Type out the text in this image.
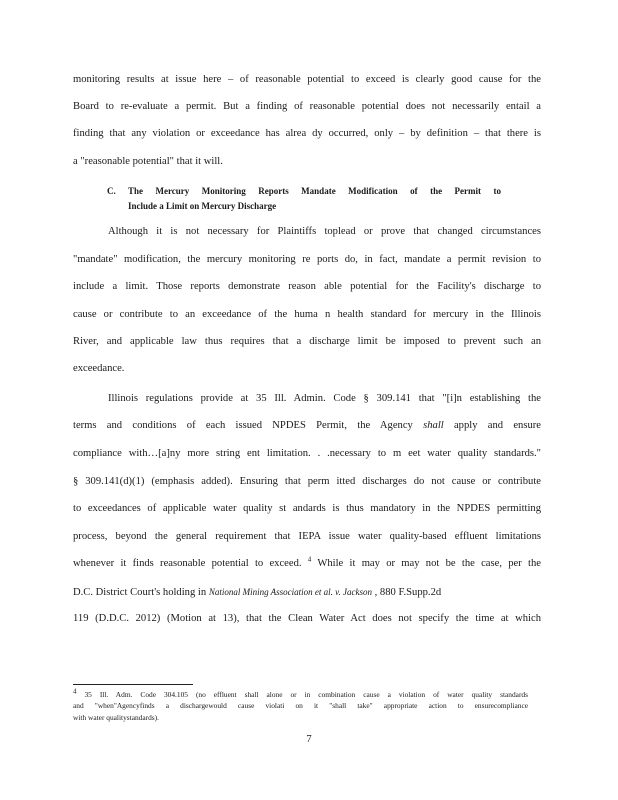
monitoring results at issue here – of reasonable potential to exceed is clearly good cause for the
Board to re-evaluate a permit. But a finding of reasonable potential does not necessarily entail a
finding that any violation or exceedance has alrea dy occurred, only – by definition – that there is
a "reasonable potential" that it will.
C. The Mercury Monitoring Reports Mandate Modification of the Permit to
Include a Limit on Mercury Discharge
Although it is not necessary for Plaintiffs toplead or prove that changed circumstances
"mandate" modification, the mercury monitoring re ports do, in fact, mandate a permit revision to
include a limit. Those reports demonstrate reason able potential for the Facility's discharge to
cause or contribute to an exceedance of the huma n health standard for mercury in the Illinois
River, and applicable law thus requires that a discharge limit be imposed to prevent such an
exceedance.
Illinois regulations provide at 35 Ill. Admin. Code § 309.141 that "[i]n establishing the
terms and conditions of each issued NPDES Permit, the Agency shall apply and ensure
compliance with…[a]ny more string ent limitation. . .necessary to m eet water quality standards."
§ 309.141(d)(1) (emphasis added). Ensuring that perm itted discharges do not cause or contribute
to exceedances of applicable water quality st andards is thus mandatory in the NPDES permitting
process, beyond the general requirement that IEPA issue water quality-based effluent limitations
whenever it finds reasonable potential to exceed. $^4$ While it may or may not be the case, per the
D.C. District Court's holding in National Mining Association et al. v. Jackson , 880 F.Supp.2d
119 (D.D.C. 2012) (Motion at 13), that the Clean Water Act does not specify the time at which
$^4$ 35 Ill. Adm. Code 304.105 (no effluent shall alone or in combination cause a violation of water quality standards
and "when"Agencyfinds a dischargewould cause violati on it "shall take" appropriate action to ensurecompliance
with water qualitystandards).
7
